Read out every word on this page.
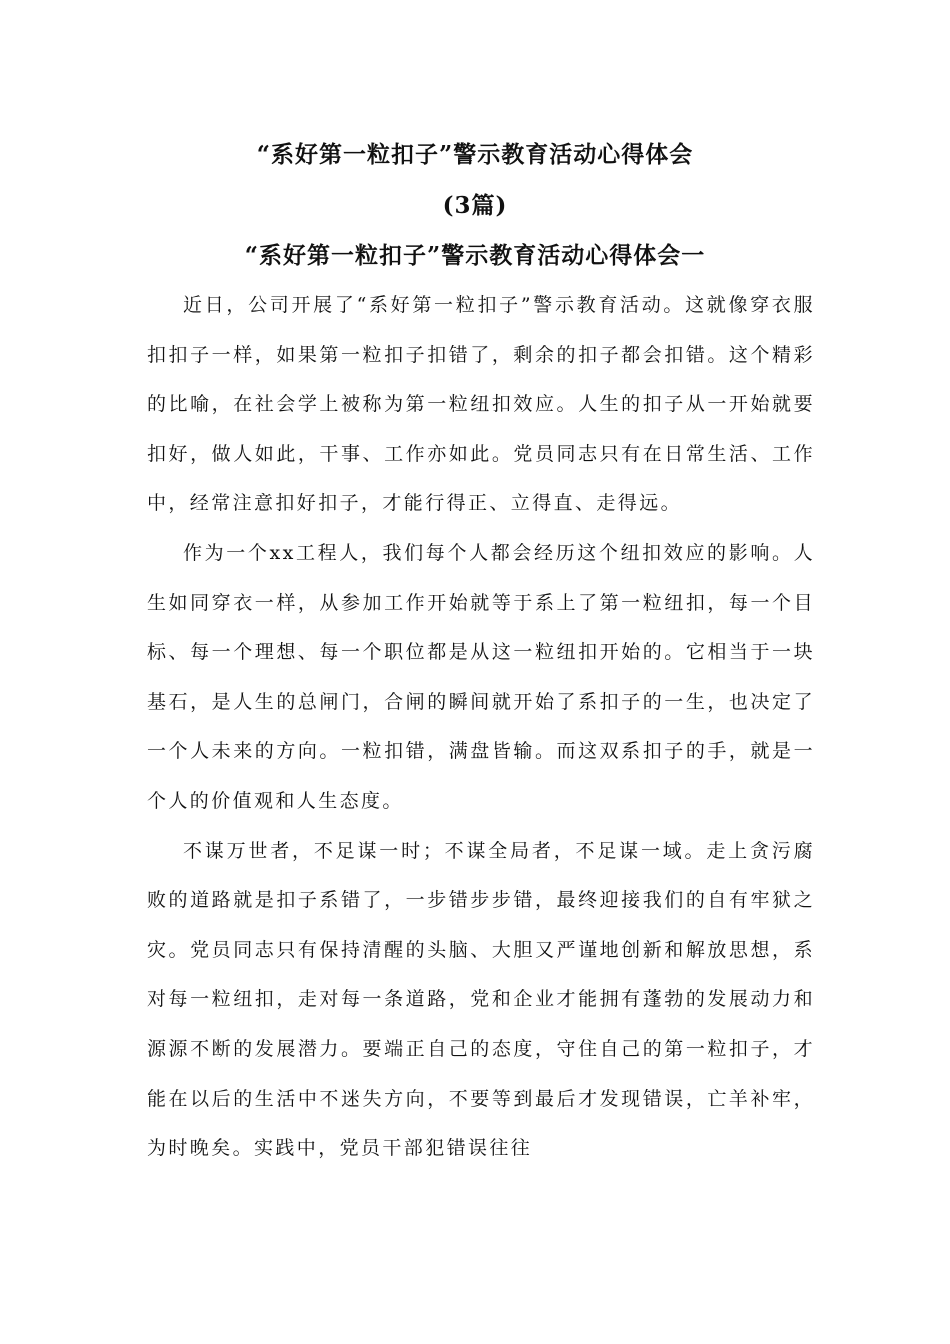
“系好第一粒扣子”警示教育活动心得体会
(3篇)
“系好第一粒扣子”警示教育活动心得体会一

近日，公司开展了“系好第一粒扣子”警示教育活动。这就像穿衣服扣扣子一样，如果第一粒扣子扣错了，剩余的扣子都会扣错。这个精彩的比喻，在社会学上被称为第一粒纽扣效应。人生的扣子从一开始就要扣好，做人如此，干事、工作亦如此。党员同志只有在日常生活、工作中，经常注意扣好扣子，才能行得正、立得直、走得远。

作为一个xx工程人，我们每个人都会经历这个纽扣效应的影响。人生如同穿衣一样，从参加工作开始就等于系上了第一粒纽扣，每一个目标、每一个理想、每一个职位都是从这一粒纽扣开始的。它相当于一块基石，是人生的总闸门，合闸的瞬间就开始了系扣子的一生，也决定了一个人未来的方向。一粒扣错，满盘皆输。而这双系扣子的手，就是一个人的价值观和人生态度。

不谋万世者，不足谋一时；不谋全局者，不足谋一域。走上贪污腐败的道路就是扣子系错了，一步错步步错，最终迎接我们的自有牢狱之灾。党员同志只有保持清醒的头脑、大胆又严谨地创新和解放思想，系对每一粒纽扣，走对每一条道路，党和企业才能拥有蓬勃的发展动力和源源不断的发展潜力。要端正自己的态度，守住自己的第一粒扣子，才能在以后的生活中不迷失方向，不要等到最后才发现错误，亡羊补牢，为时晚矣。实践中，党员干部犯错误往往
